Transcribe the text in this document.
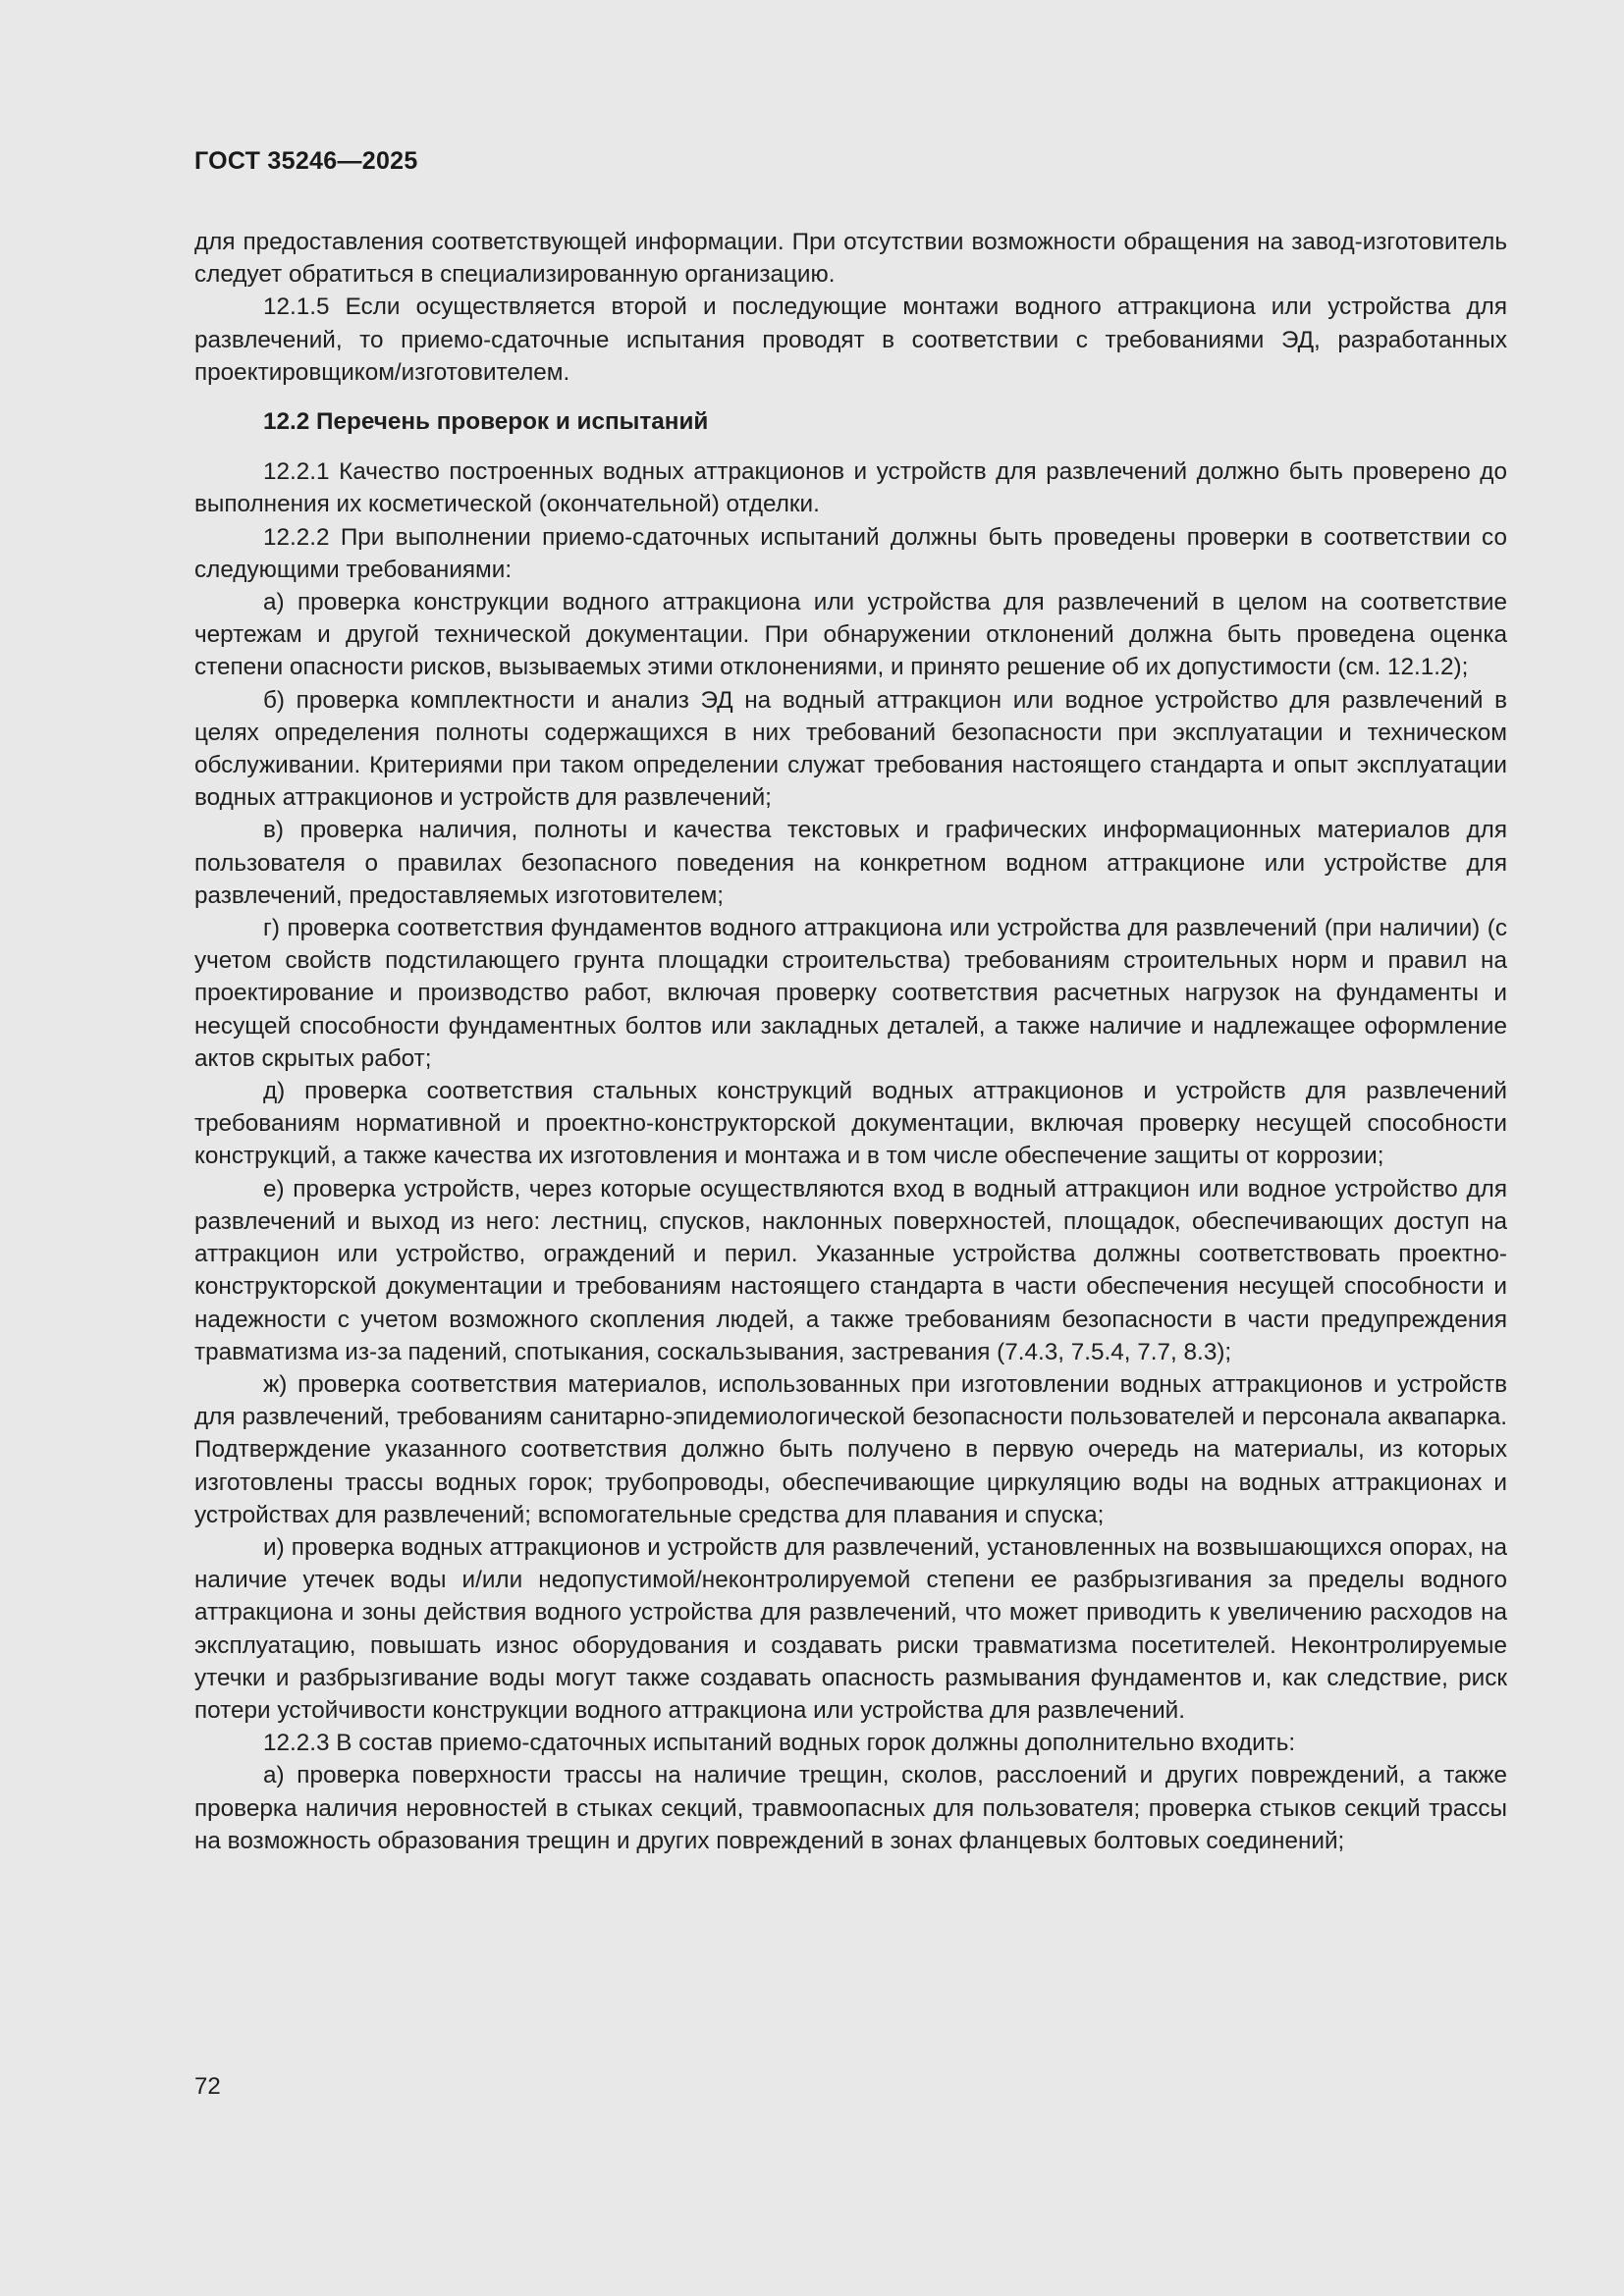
ГОСТ 35246—2025

для предоставления соответствующей информации. При отсутствии возможности обращения на завод-изготовитель следует обратиться в специализированную организацию.

12.1.5 Если осуществляется второй и последующие монтажи водного аттракциона или устройства для развлечений, то приемо-сдаточные испытания проводят в соответствии с требованиями ЭД, разработанных проектировщиком/изготовителем.

12.2 Перечень проверок и испытаний

12.2.1 Качество построенных водных аттракционов и устройств для развлечений должно быть проверено до выполнения их косметической (окончательной) отделки.

12.2.2 При выполнении приемо-сдаточных испытаний должны быть проведены проверки в соответствии со следующими требованиями:

а) проверка конструкции водного аттракциона или устройства для развлечений в целом на соответствие чертежам и другой технической документации. При обнаружении отклонений должна быть проведена оценка степени опасности рисков, вызываемых этими отклонениями, и принято решение об их допустимости (см. 12.1.2);

б) проверка комплектности и анализ ЭД на водный аттракцион или водное устройство для развлечений в целях определения полноты содержащихся в них требований безопасности при эксплуатации и техническом обслуживании. Критериями при таком определении служат требования настоящего стандарта и опыт эксплуатации водных аттракционов и устройств для развлечений;

в) проверка наличия, полноты и качества текстовых и графических информационных материалов для пользователя о правилах безопасного поведения на конкретном водном аттракционе или устройстве для развлечений, предоставляемых изготовителем;

г) проверка соответствия фундаментов водного аттракциона или устройства для развлечений (при наличии) (с учетом свойств подстилающего грунта площадки строительства) требованиям строительных норм и правил на проектирование и производство работ, включая проверку соответствия расчетных нагрузок на фундаменты и несущей способности фундаментных болтов или закладных деталей, а также наличие и надлежащее оформление актов скрытых работ;

д) проверка соответствия стальных конструкций водных аттракционов и устройств для развлечений требованиям нормативной и проектно-конструкторской документации, включая проверку несущей способности конструкций, а также качества их изготовления и монтажа и в том числе обеспечение защиты от коррозии;

е) проверка устройств, через которые осуществляются вход в водный аттракцион или водное устройство для развлечений и выход из него: лестниц, спусков, наклонных поверхностей, площадок, обеспечивающих доступ на аттракцион или устройство, ограждений и перил. Указанные устройства должны соответствовать проектно-конструкторской документации и требованиям настоящего стандарта в части обеспечения несущей способности и надежности с учетом возможного скопления людей, а также требованиям безопасности в части предупреждения травматизма из-за падений, спотыкания, соскальзывания, застревания (7.4.3, 7.5.4, 7.7, 8.3);

ж) проверка соответствия материалов, использованных при изготовлении водных аттракционов и устройств для развлечений, требованиям санитарно-эпидемиологической безопасности пользователей и персонала аквапарка. Подтверждение указанного соответствия должно быть получено в первую очередь на материалы, из которых изготовлены трассы водных горок; трубопроводы, обеспечивающие циркуляцию воды на водных аттракционах и устройствах для развлечений; вспомогательные средства для плавания и спуска;

и) проверка водных аттракционов и устройств для развлечений, установленных на возвышающихся опорах, на наличие утечек воды и/или недопустимой/неконтролируемой степени ее разбрызгивания за пределы водного аттракциона и зоны действия водного устройства для развлечений, что может приводить к увеличению расходов на эксплуатацию, повышать износ оборудования и создавать риски травматизма посетителей. Неконтролируемые утечки и разбрызгивание воды могут также создавать опасность размывания фундаментов и, как следствие, риск потери устойчивости конструкции водного аттракциона или устройства для развлечений.

12.2.3 В состав приемо-сдаточных испытаний водных горок должны дополнительно входить:

а) проверка поверхности трассы на наличие трещин, сколов, расслоений и других повреждений, а также проверка наличия неровностей в стыках секций, травмоопасных для пользователя; проверка стыков секций трассы на возможность образования трещин и других повреждений в зонах фланцевых болтовых соединений;

72
